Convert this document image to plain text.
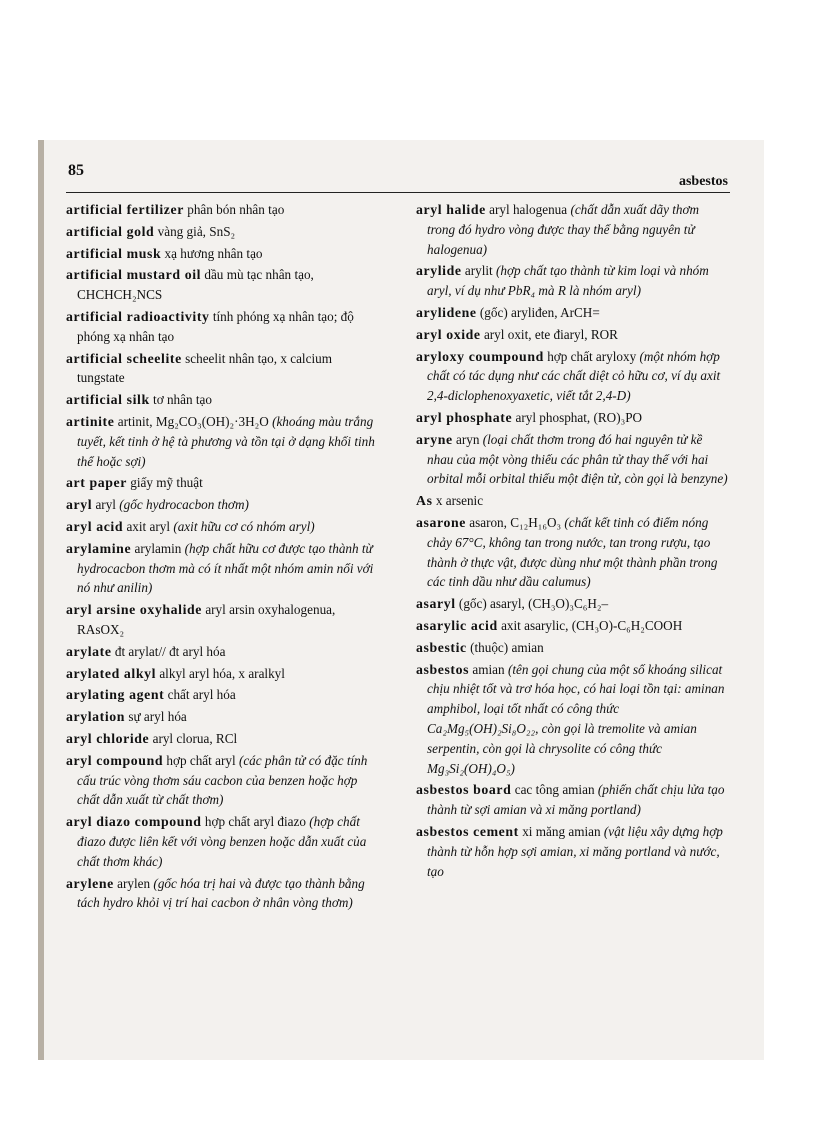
85
asbestos

artificial fertilizer phân bón nhân tạo

artificial gold vàng giả, SnS₂

artificial musk xạ hương nhân tạo

artificial mustard oil dầu mù tạc nhân tạo, CHCHCH₂NCS

artificial radioactivity tính phóng xạ nhân tạo; độ phóng xạ nhân tạo

artificial scheelite scheelit nhân tạo, x calcium tungstate

artificial silk tơ nhân tạo

artinite artinit, Mg₂CO₃(OH)₂·3H₂O (khoáng màu trắng tuyết, kết tinh ở hệ tà phương và tồn tại ở dạng khối tinh thể hoặc sợi)

art paper giấy mỹ thuật

aryl aryl (gốc hydrocacbon thơm)

aryl acid axit aryl (axit hữu cơ có nhóm aryl)

arylamine arylamin (hợp chất hữu cơ được tạo thành từ hydrocacbon thơm mà có ít nhất một nhóm amin nối với nó như anilin)

aryl arsine oxyhalide aryl arsin oxyhalogenua, RAsOX₂

arylate đt arylat// đt aryl hóa

arylated alkyl alkyl aryl hóa, x aralkyl

arylating agent chất aryl hóa

arylation sự aryl hóa

aryl chloride aryl clorua, RCl

aryl compound hợp chất aryl (các phân tử có đặc tính cấu trúc vòng thơm sáu cacbon của benzen hoặc hợp chất dẫn xuất từ chất thơm)

aryl diazo compound hợp chất aryl điazo (hợp chất điazo được liên kết với vòng benzen hoặc dẫn xuất của chất thơm khác)

arylene arylen (gốc hóa trị hai và được tạo thành bằng tách hydro khỏi vị trí hai cacbon ở nhân vòng thơm)

aryl halide aryl halogenua (chất dẫn xuất dãy thơm trong đó hydro vòng được thay thế bằng nguyên tử halogenua)

arylide arylit (hợp chất tạo thành từ kim loại và nhóm aryl, ví dụ như PbR₄ mà R là nhóm aryl)

arylidene (gốc) aryliđen, ArCH=

aryl oxide aryl oxit, ete điaryl, ROR

aryloxy coumpound hợp chất aryloxy (một nhóm hợp chất có tác dụng như các chất diệt cỏ hữu cơ, ví dụ axit 2,4-diclophenoxyaxetic, viết tắt 2,4-D)

aryl phosphate aryl phosphat, (RO)₃PO

aryne aryn (loại chất thơm trong đó hai nguyên tử kề nhau của một vòng thiếu các phân tử thay thế với hai orbital mỗi orbital thiếu một điện tử, còn gọi là benzyne)

As x arsenic

asarone asaron, C₁₂H₁₆O₃ (chất kết tinh có điểm nóng chảy 67°C, không tan trong nước, tan trong rượu, tạo thành ở thực vật, được dùng như một thành phần trong các tinh dầu như dầu calumus)

asaryl (gốc) asaryl, (CH₃O)₃C₆H₂–

asarylic acid axit asarylic, (CH₃O)-C₆H₂COOH

asbestic (thuộc) amian

asbestos amian (tên gọi chung của một số khoáng silicat chịu nhiệt tốt và trơ hóa học, có hai loại tồn tại: aminan amphibol, loại tốt nhất có công thức Ca₂Mg₅(OH)₂Si₈O₂₂, còn gọi là tremolite và amian serpentin, còn gọi là chrysolite có công thức Mg₃Si₂(OH)₄O₅)

asbestos board cac tông amian (phiến chất chịu lửa tạo thành từ sợi amian và xi măng portland)

asbestos cement xi măng amian (vật liệu xây dựng hợp thành từ hỗn hợp sợi amian, xi măng portland và nước, tạo
